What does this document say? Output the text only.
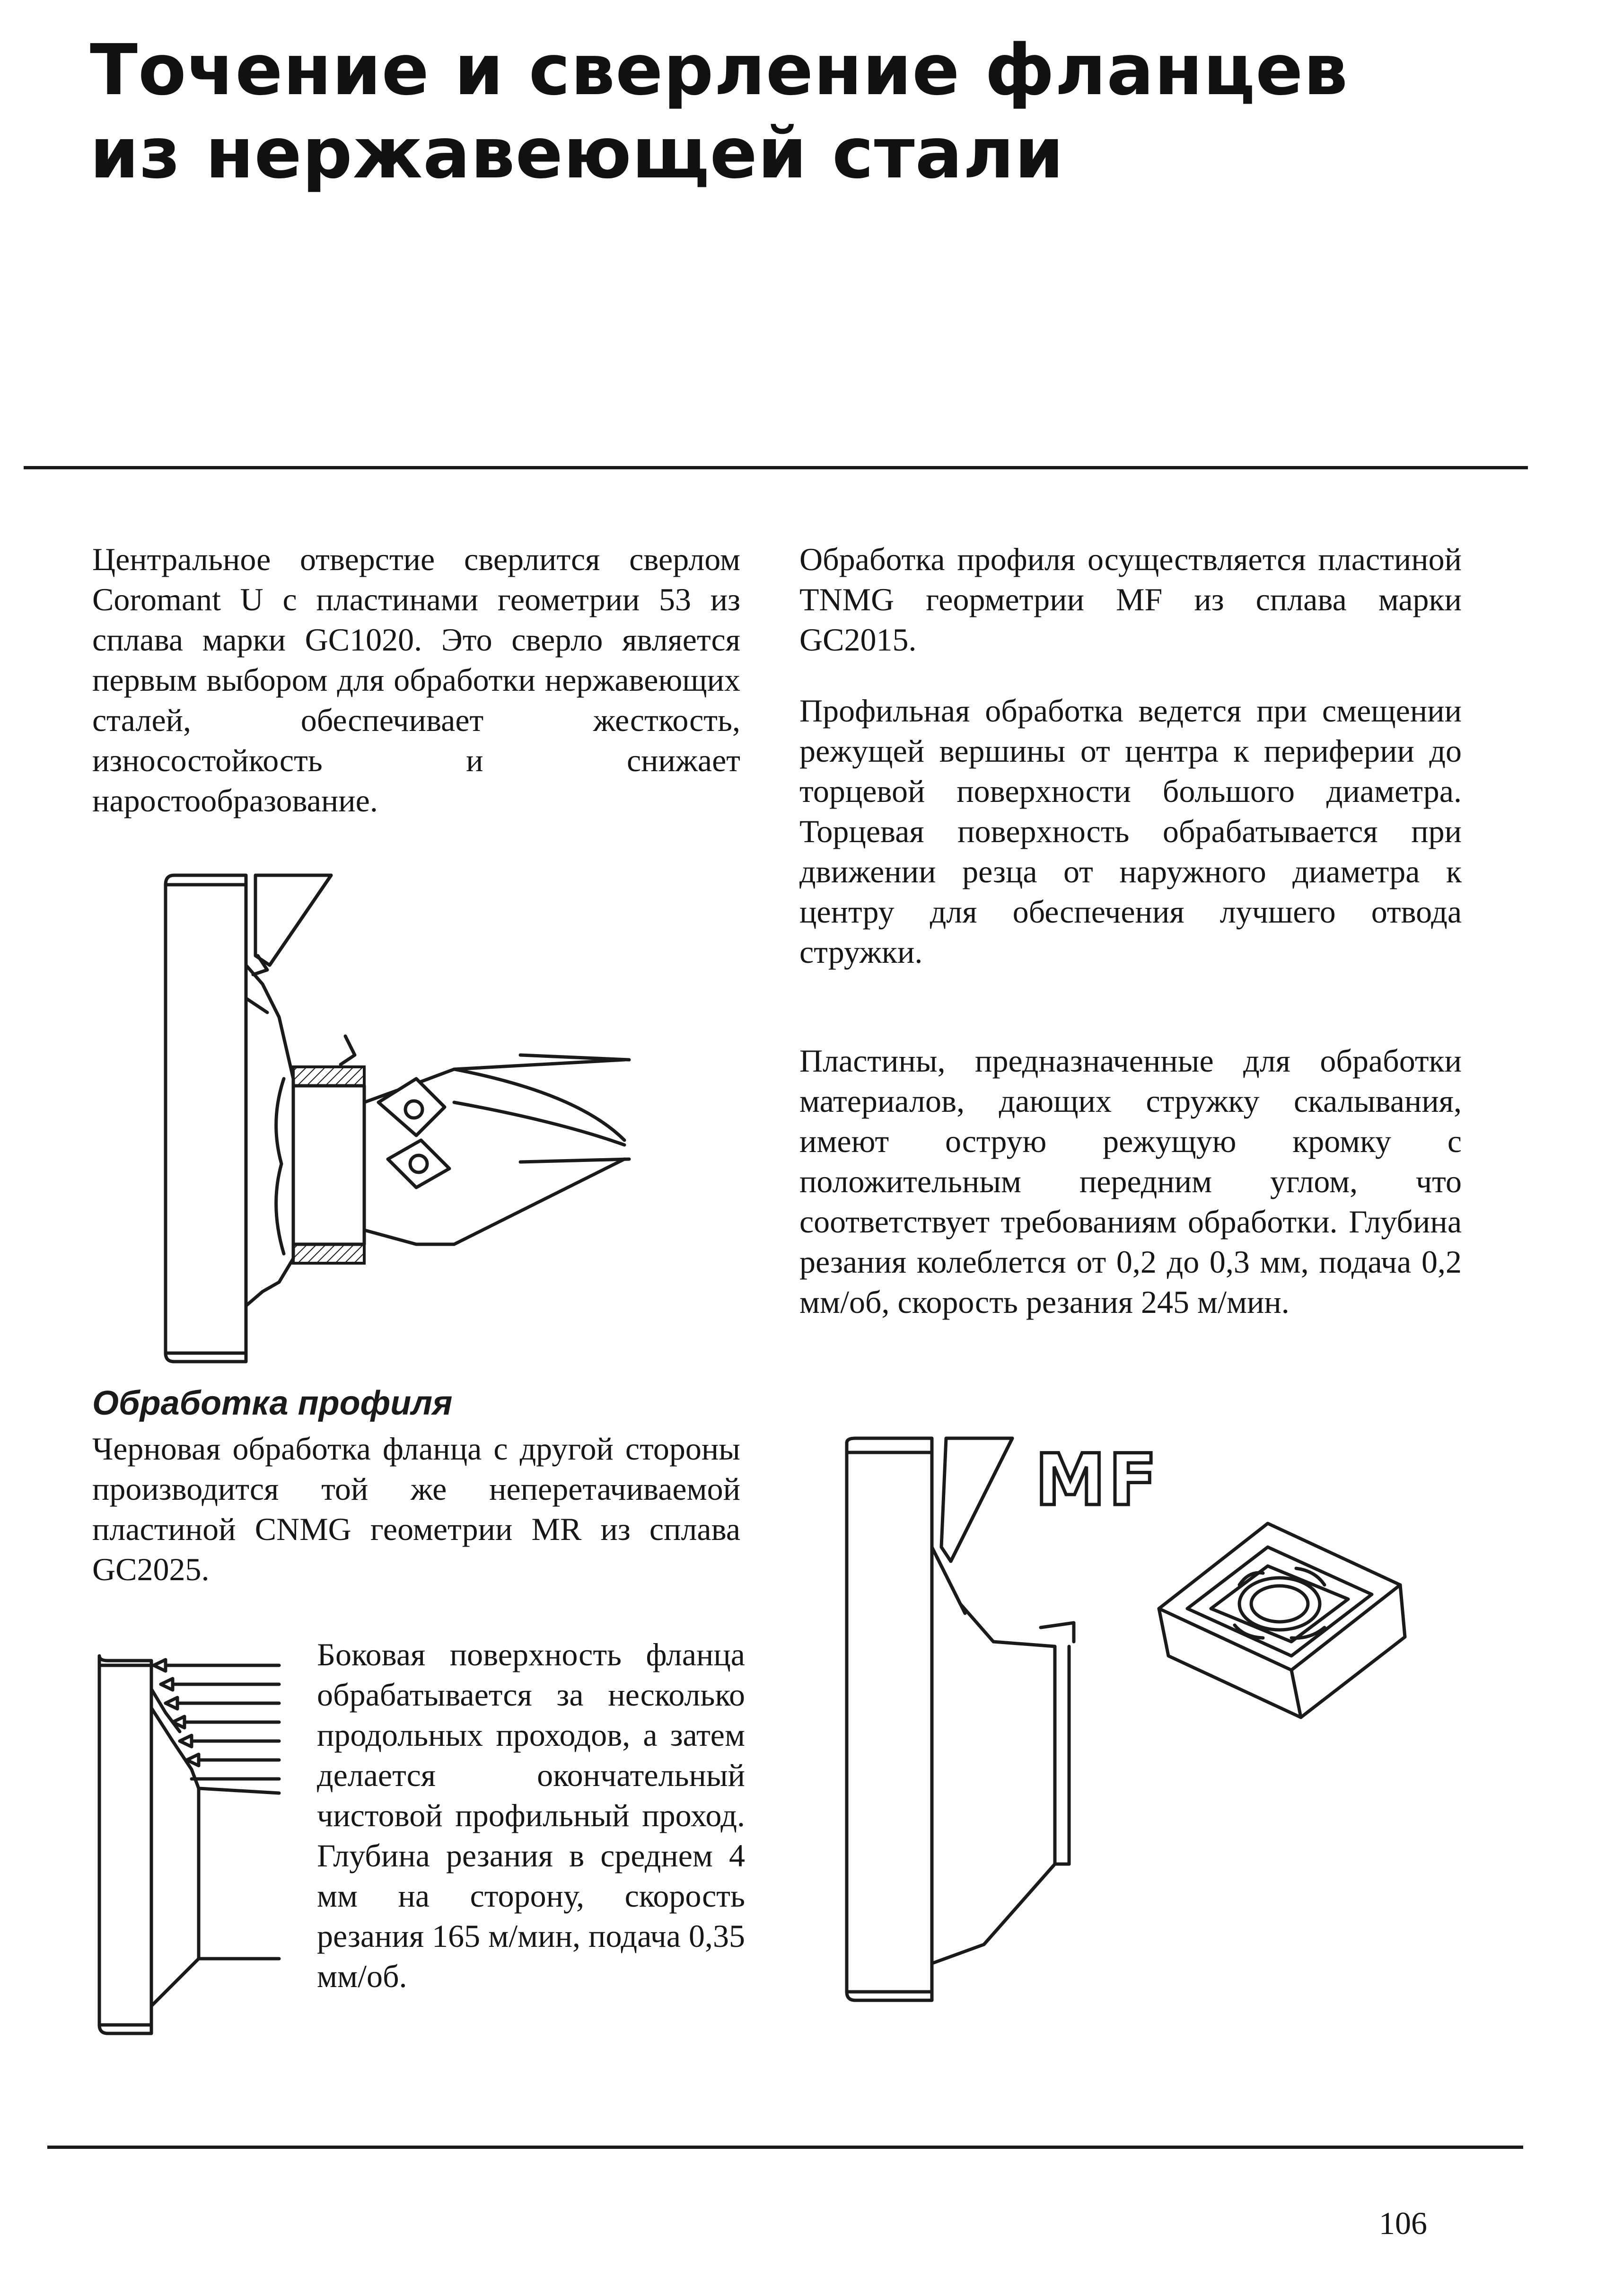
Точение и сверление фланцев
из нержавеющей стали

Центральное отверстие сверлится сверлом Coromant U с пластинами геометрии 53 из сплава марки GC1020. Это сверло является первым выбором для обработки нержавеющих сталей, обеспечивает жесткость, износостойкость и снижает наростообразование.

Обработка профиля

Черновая обработка фланца с другой стороны производится той же неперетачиваемой пластиной CNMG геометрии MR из сплава GC2025.

Боковая поверхность фланца обрабатывается за несколько продольных проходов, а затем делается окончательный чистовой профильный проход. Глубина резания в среднем 4 мм на сторону, скорость резания 165 м/мин, подача 0,35 мм/об.

Обработка профиля осуществляется пластиной TNMG георметрии MF из сплава марки GC2015.

Профильная обработка ведется при смещении режущей вершины от центра к периферии до торцевой поверхности большого диаметра. Торцевая поверхность обрабатывается при движении резца от наружного диаметра к центру для обеспечения лучшего отвода стружки.

Пластины, предназначенные для обработки материалов, дающих стружку скалывания, имеют острую режущую кромку с положительным передним углом, что соответствует требованиям обработки. Глубина резания колеблется от 0,2 до 0,3 мм, подача 0,2 мм/об, скорость резания 245 м/мин.

MF

106
